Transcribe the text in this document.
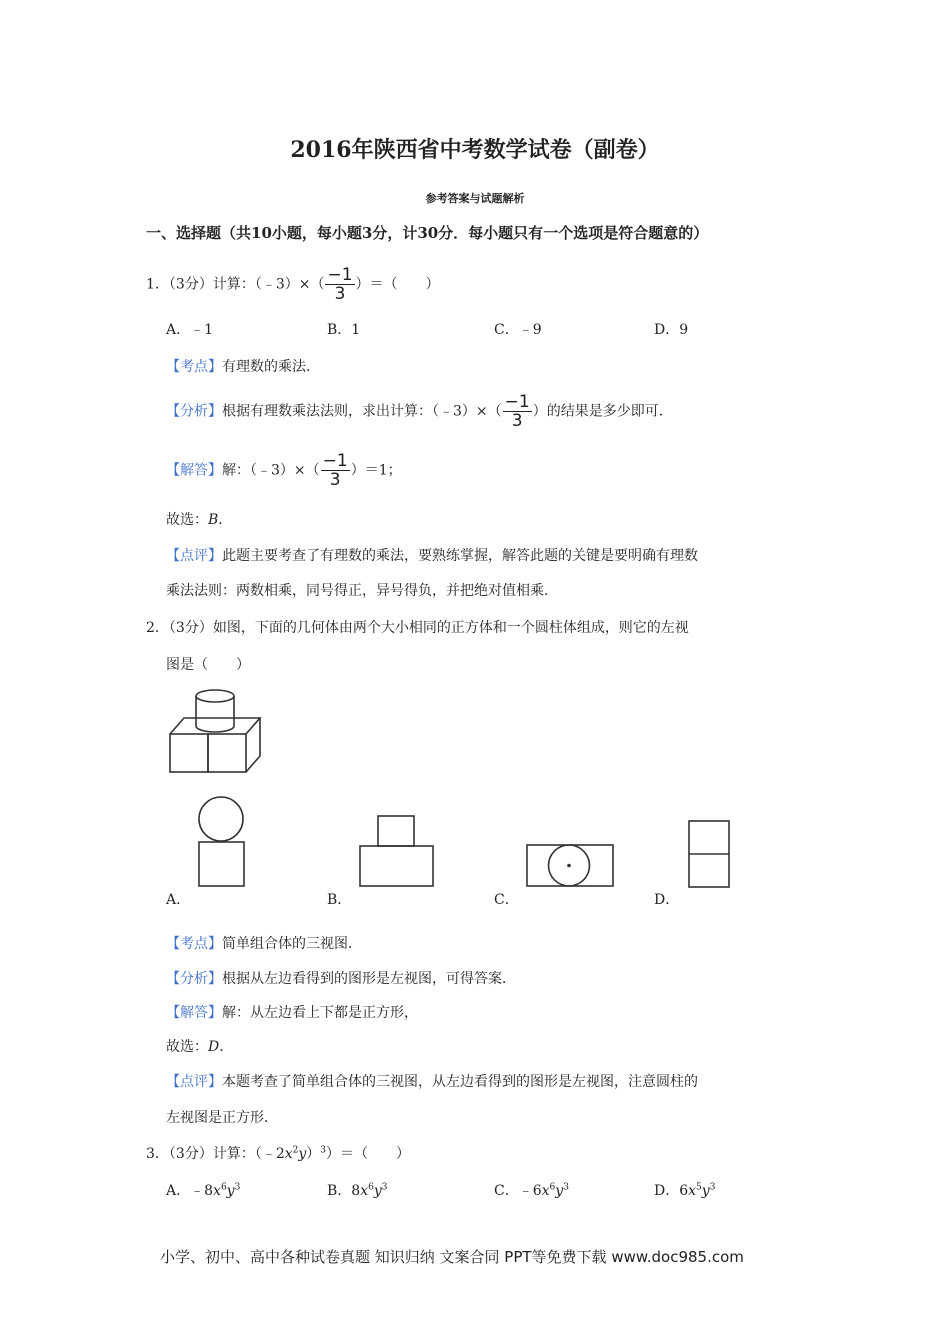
2016年陕西省中考数学试卷（副卷）
参考答案与试题解析
一、选择题（共10小题，每小题3分，计30分．每小题只有一个选项是符合题意的）
1．（3分）计算：（﹣3）×（ $\frac{-1}{3}$ ）＝（　　）
A．﹣1	B．1	C．﹣9	D．9
【考点】有理数的乘法．
【分析】根据有理数乘法法则，求出计算：（﹣3）×（ $\frac{-1}{3}$ ）的结果是多少即可．
【解答】解：（﹣3）×（ $\frac{-1}{3} )=1$；
故选：B．
【点评】此题主要考查了有理数的乘法，要熟练掌握，解答此题的关键是要明确有理数
乘法法则：两数相乘，同号得正，异号得负，并把绝对值相乘．
2．（3分）如图，下面的几何体由两个大小相同的正方体和一个圆柱体组成，则它的左视
图是（　　）
A．	B．	C．	D．
【考点】简单组合体的三视图．
【分析】根据从左边看得到的图形是左视图，可得答案．
【解答】解：从左边看上下都是正方形，
故选：D．
【点评】本题考查了简单组合体的三视图，从左边看得到的图形是左视图，注意圆柱的
左视图是正方形．
3．（3分）计算：$(﹣2x^2y)^3)=$（　　）
A．$﹣8x^6y^3$	B．$8x^6y^3$	C．$﹣6x^6y^3$	D．$6x^5y^3$
小学、初中、高中各种试卷真题 知识归纳 文案合同 PPT等免费下载 www.doc985.com
